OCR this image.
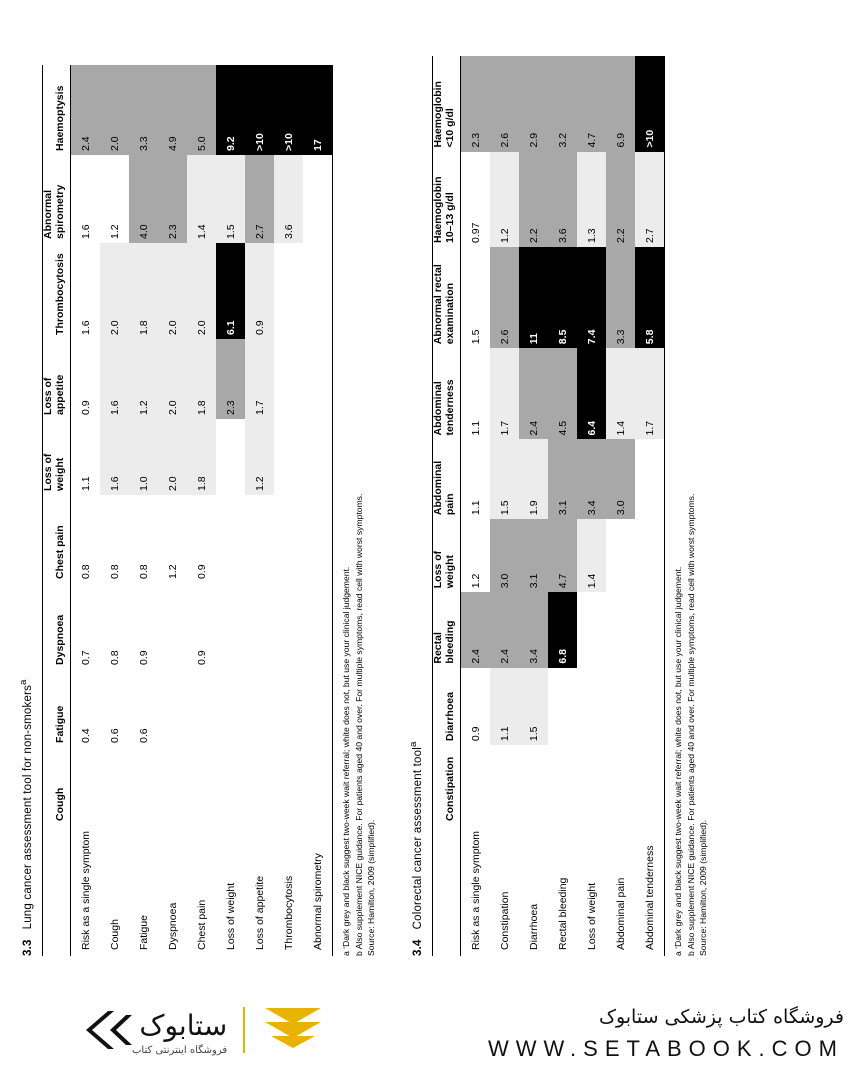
3.3Lung cancer assessment tool for non-smokers$^a$
	Cough	Fatigue	Dyspnoea	Chest pain	Loss of weight	Loss of appetite	Thrombocytosis	Abnormal spirometry	Haemoptysis
Risk as a single symptom		0.4	0.7	0.8	1.1	0.9	1.6	1.6	2.4
Cough		0.6	0.8	0.8	1.6	1.6	2.0	1.2	2.0
Fatigue		0.6	0.9	0.8	1.0	1.2	1.8	4.0	3.3
Dyspnoea				1.2	2.0	2.0	2.0	2.3	4.9
Chest pain			0.9	0.9	1.8	1.8	2.0	1.4	5.0
Loss of weight						2.3	6.1	1.5	9.2
Loss of appetite					1.2	1.7	0.9	2.7	>10
Thrombocytosis								3.6	>10
Abnormal spirometry									17
a ‘Dark grey and black suggest two-week wait referral; white does not, but use your clinical judgement. b Also supplement NICE guidance. For patients aged 40 and over. For multiple symptoms, read cell with worst symptoms. Source: Hamilton, 2009 (simplified).	3.4Colorectal cancer assessment tool$^a$
	Constipation	Diarrhoea	Rectal bleeding	Loss of weight	Abdominal pain	Abdominal tenderness	Abnormal rectal examination	Haemoglobin 10–13 g/dl	Haemoglobin <10 g/dl
Risk as a single symptom		0.9	2.4	1.2	1.1	1.1	1.5	0.97	2.3
Constipation		1.1	2.4	3.0	1.5	1.7	2.6	1.2	2.6
Diarrhoea		1.5	3.4	3.1	1.9	2.4	11	2.2	2.9
Rectal bleeding			6.8	4.7	3.1	4.5	8.5	3.6	3.2
Loss of weight				1.4	3.4	6.4	7.4	1.3	4.7
Abdominal pain					3.0	1.4	3.3	2.2	6.9
Abdominal tenderness						1.7	5.8	2.7	>10
a ‘Dark grey and black suggest two-week wait referral; white does not, but use your clinical judgement. b Also supplement NICE guidance. For patients aged 40 and over. For multiple symptoms, read cell with worst symptoms. Source: Hamilton, 2009 (simplified).
ستابوک
فروشگاه اینترنتی کتاب
فروشگاه کتاب پزشکی ستابوک
WWW.SETABOOK.COM
